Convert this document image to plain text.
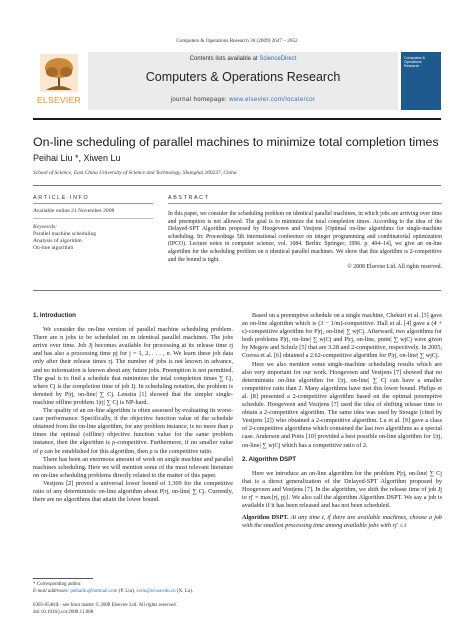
Computers & Operations Research 36 (2009) 2647 – 2652
ELSEVIER
Contents lists available at ScienceDirect
Computers & Operations Research
journal homepage: www.elsevier.com/locate/cor
Computers &
Operations
Research
On-line scheduling of parallel machines to minimize total completion times
Peihai Liu *, Xiwen Lu
School of Science, East China University of Science and Technology, Shanghai 200237, China
ARTICLE INFO
Available online 21 November 2008
Keywords:
Parallel machine scheduling
Analysis of algorithm
On-line algorithm
ABSTRACT
In this paper, we consider the scheduling problem on identical parallel machines, in which jobs are arriving over time and preemption is not allowed. The goal is to minimize the total completion times. According to the idea of the Delayed-SPT Algorithm proposed by Hoogeveen and Vestjens [Optimal on-line algorithms for single-machine scheduling. In: Proceedings 5th international conference on integer programming and combinatorial optimization (IPCO). Lecture notes in computer science, vol. 1084. Berlin: Springer; 1996. p. 404–14], we give an on-line algorithm for the scheduling problem on n identical parallel machines. We show that this algorithm is 2-competitive and the bound is tight.
© 2008 Elsevier Ltd. All rights reserved.
1. Introduction

We consider the on-line version of parallel machine scheduling problem. There are n jobs to be scheduled on m identical parallel machines. The jobs arrive over time. Job Jj becomes available for processing at its release time rj and has also a processing time pj for j = 1, 2, . . . , n. We learn these job data only after their release times rj. The number of jobs is not known in advance, and no information is known about any future jobs. Preemption is not permitted. The goal is to find a schedule that minimizes the total completion times ∑ Cj, where Cj is the completion time of job Jj. In scheduling notation, the problem is denoted by P|rj, on-line| ∑ Cj. Lenstra [1] showed that the simpler single-machine offline problem 1|rj| ∑ Cj is NP-hard.

The quality of an on-line algorithm is often assessed by evaluating its worst-case performance. Specifically, if the objective function value of the schedule obtained from the on-line algorithm, for any problem instance, is no more than ρ times the optimal (offline) objective function value for the same problem instance, then the algorithm is ρ-competitive. Furthermore, if no smaller value of ρ can be established for this algorithm, then ρ is the competitive ratio.

There has been an enormous amount of work on single machine and parallel machines scheduling. Here we will mention some of the most relevant literature on on-line scheduling problems directly related to the matter of this paper.

Vestjens [2] proved a universal lower bound of 1.309 for the competitive ratio of any deterministic on-line algorithm about P|rj, on-line| ∑ Cj. Currently, there are no algorithms that attain the lower bound.

Based on a preemptive schedule on a single machine, Chekuri et al. [3] gave an on-line algorithm which is (3 − 1/m)-competitive. Hall et al. [4] gave a (4 + ε)-competitive algorithm for P|rj, on-line| ∑ wjCj. Afterward, two algorithms for both problems P|rj, on-line| ∑ wjCj and P|rj, on-line, pmtn| ∑ wjCj were given by Megow and Schulz [5] that are 3.28 and 2-competitive, respectively. In 2005, Correa et al. [6] obtained a 2.62-competitive algorithm for P|rj, on-line| ∑ wjCj.

Here we also mention some single-machine scheduling results which are also very important for our work. Hoogeveen and Vestjens [7] showed that no deterministic on-line algorithm for 1|rj, on-line| ∑ Cj can have a smaller competitive ratio than 2. Many algorithms have met this lower bound. Philips et al. [8] presented a 2-competitive algorithm based on the optimal preemptive schedule. Hoogeveen and Vestjens [7] used the idea of shifting release time to obtain a 2-competitive algorithm. The same idea was used by Stougie (cited by Vestjens [2]) who obtained a 2-competitive algorithm. Lu et al. [9] gave a class of 2-competitive algorithms which contained the last two algorithms as a special case. Anderson and Potts [10] provided a best possible on-line algorithm for 1|rj, on-line| ∑ wjCj which has a competitive ratio of 2.

2. Algorithm DSPT

Here we introduce an on-line algorithm for the problem P|rj, on-line| ∑ Cj that is a direct generalization of the Delayed-SPT Algorithm proposed by Hoogeveen and Vestjens [7]. In the algorithm, we shift the release time of job Jj to rj' = max{rj, pj}. We also call the algorithm Algorithm DSPT. We say a job is available if it has been released and has not been scheduled.

Algorithm DSPT. At any time t, if there are available machines, choose a job with the smallest processing time among available jobs with rj' ≤ t

* Corresponding author.
E-mail addresses: peihailiu@hotmail.com (P. Liu), xwlu@ecust.edu.cn (X. Lu).
0305-0548/$ - see front matter © 2008 Elsevier Ltd. All rights reserved.
doi:10.1016/j.cor.2008.11.008
